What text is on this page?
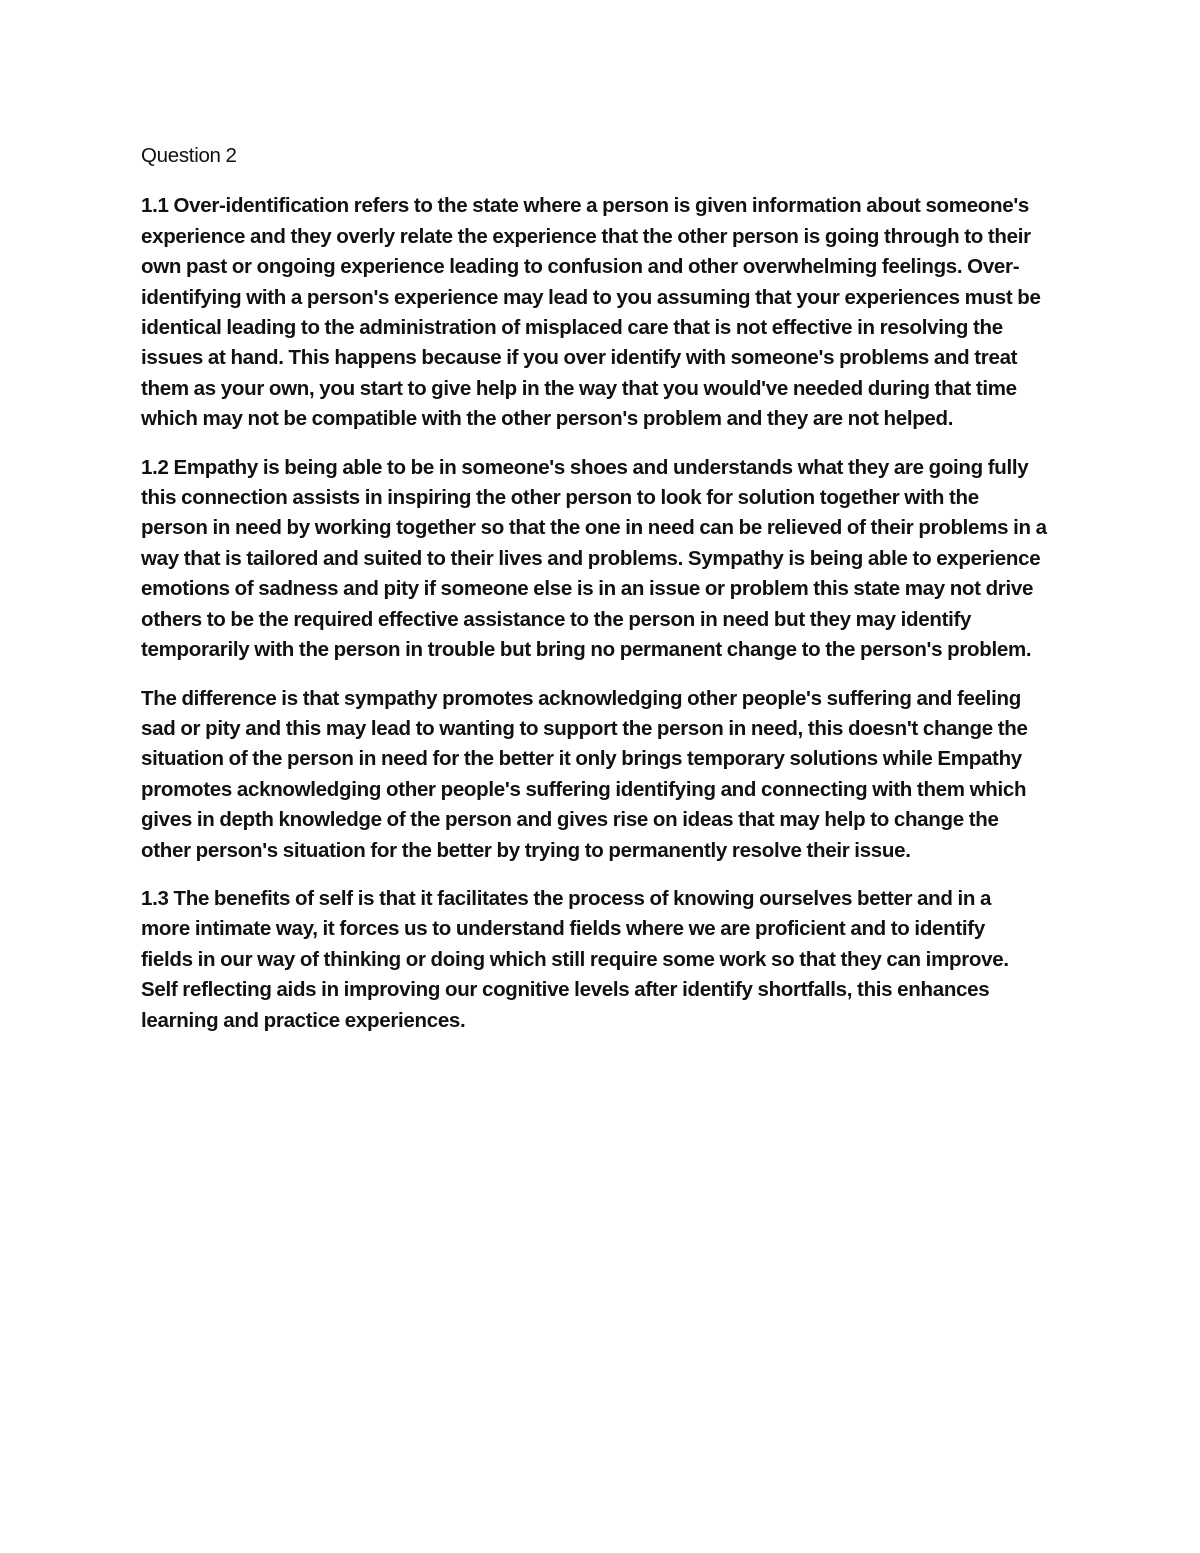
Question 2
1.1 Over-identification refers to the state where a person is given information about someone's
experience and they overly relate the experience that the other person is going through to their
own past or ongoing experience leading to confusion and other overwhelming feelings. Over-
identifying with a person's experience may lead to you assuming that your experiences must be
identical leading to the administration of misplaced care that is not effective in resolving the
issues at hand. This happens because if you over identify with someone's problems and treat
them as your own, you start to give help in the way that you would've needed during that time
which may not be compatible with the other person's problem and they are not helped.
1.2 Empathy is being able to be in someone's shoes and understands what they are going fully
this connection assists in inspiring the other person to look for solution together with the
person in need by working together so that the one in need can be relieved of their problems in a
way that is tailored and suited to their lives and problems. Sympathy is being able to experience
emotions of sadness and pity if someone else is in an issue or problem this state may not drive
others to be the required effective assistance to the person in need but they may identify
temporarily with the person in trouble but bring no permanent change to the person's problem.
The difference is that sympathy promotes acknowledging other people's suffering and feeling
sad or pity and this may lead to wanting to support the person in need, this doesn't change the
situation of the person in need for the better it only brings temporary solutions while Empathy
promotes acknowledging other people's suffering identifying and connecting with them which
gives in depth knowledge of the person and gives rise on ideas that may help to change the
other person's situation for the better by trying to permanently resolve their issue.
1.3 The benefits of self is that it facilitates the process of knowing ourselves better and in a
more intimate way, it forces us to understand fields where we are proficient and to identify
fields in our way of thinking or doing which still require some work so that they can improve.
Self reflecting aids in improving our cognitive levels after identify shortfalls, this enhances
learning and practice experiences.
